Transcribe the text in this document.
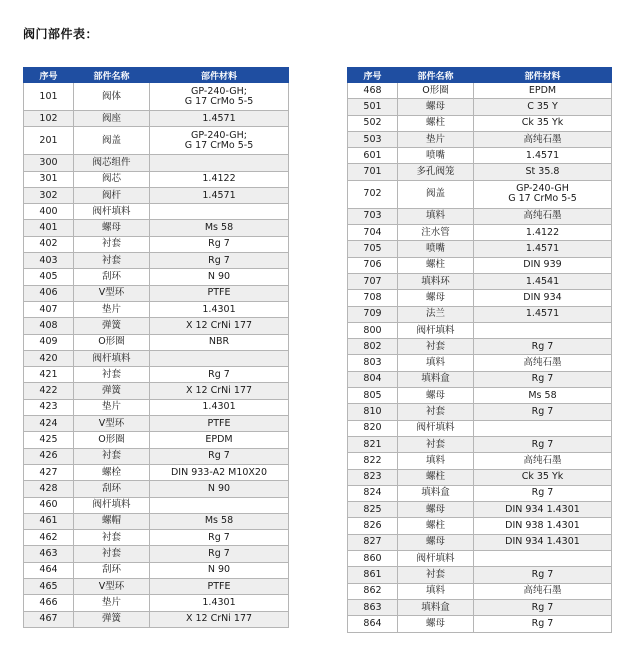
阀门部件表：
序号	部件名称	部件材料
101	阀体	GP-240-GH;
G 17 CrMo 5-5
102	阀座	1.4571
201	阀盖	GP-240-GH;
G 17 CrMo 5-5
300	阀芯组件	
301	阀芯	1.4122
302	阀杆	1.4571
400	阀杆填料	
401	螺母	Ms 58
402	衬套	Rg 7
403	衬套	Rg 7
405	刮环	N 90
406	V型环	PTFE
407	垫片	1.4301
408	弹簧	X 12 CrNi 177
409	O形圈	NBR
420	阀杆填料	
421	衬套	Rg 7
422	弹簧	X 12 CrNi 177
423	垫片	1.4301
424	V型环	PTFE
425	O形圈	EPDM
426	衬套	Rg 7
427	螺栓	DIN 933-A2 M10X20
428	刮环	N 90
460	阀杆填料	
461	螺帽	Ms 58
462	衬套	Rg 7
463	衬套	Rg 7
464	刮环	N 90
465	V型环	PTFE
466	垫片	1.4301
467	弹簧	X 12 CrNi 177
序号	部件名称	部件材料
468	O形圈	EPDM
501	螺母	C 35 Y
502	螺柱	Ck 35 Yk
503	垫片	高纯石墨
601	喷嘴	1.4571
701	多孔阀笼	St 35.8
702	阀盖	GP-240-GH
G 17 CrMo 5-5
703	填料	高纯石墨
704	注水管	1.4122
705	喷嘴	1.4571
706	螺柱	DIN 939
707	填料环	1.4541
708	螺母	DIN 934
709	法兰	1.4571
800	阀杆填料	
802	衬套	Rg 7
803	填料	高纯石墨
804	填料盒	Rg 7
805	螺母	Ms 58
810	衬套	Rg 7
820	阀杆填料	
821	衬套	Rg 7
822	填料	高纯石墨
823	螺柱	Ck 35 Yk
824	填料盒	Rg 7
825	螺母	DIN 934 1.4301
826	螺柱	DIN 938 1.4301
827	螺母	DIN 934 1.4301
860	阀杆填料	
861	衬套	Rg 7
862	填料	高纯石墨
863	填料盒	Rg 7
864	螺母	Rg 7
